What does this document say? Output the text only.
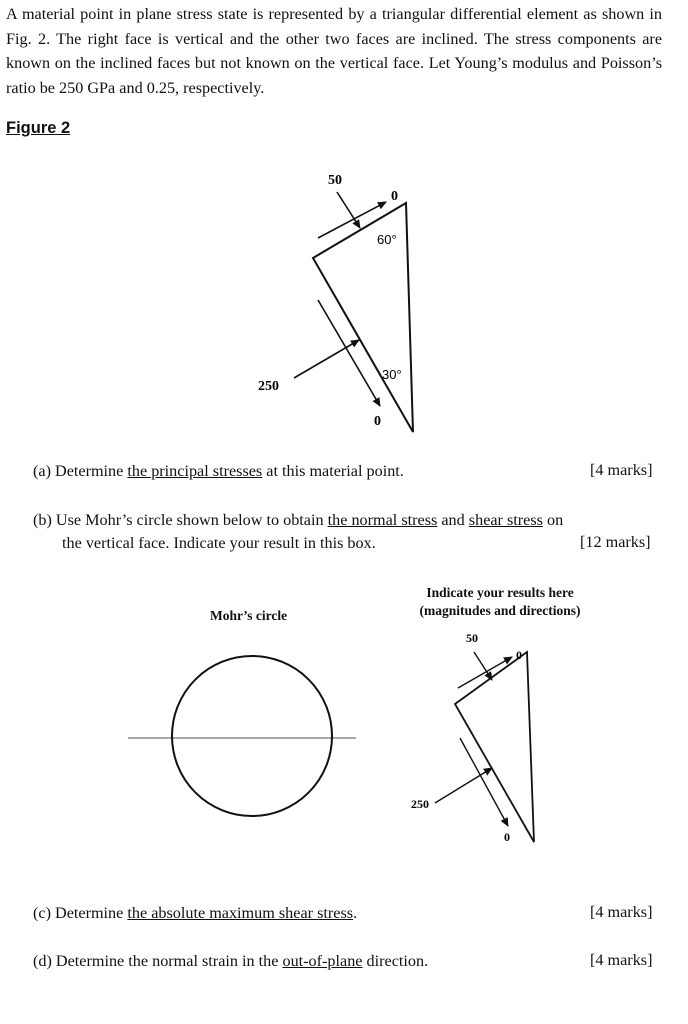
A material point in plane stress state is represented by a triangular differential element as shown in Fig. 2. The right face is vertical and the other two faces are inclined. The stress components are known on the inclined faces but not known on the vertical face. Let Young’s modulus and Poisson’s ratio be 250 GPa and 0.25, respectively.
Figure 2
50
0
60°
30°
250
0
50
0
250
0
(a) Determine the principal stresses at this material point.	[4 marks]
(b) Use Mohr’s circle shown below to obtain the normal stress and shear stress on
the vertical face. Indicate your result in this box.	[12 marks]
Mohr’s circle
Indicate your results here
(magnitudes and directions)
(c) Determine the absolute maximum shear stress.	[4 marks]
(d) Determine the normal strain in the out-of-plane direction.	[4 marks]
